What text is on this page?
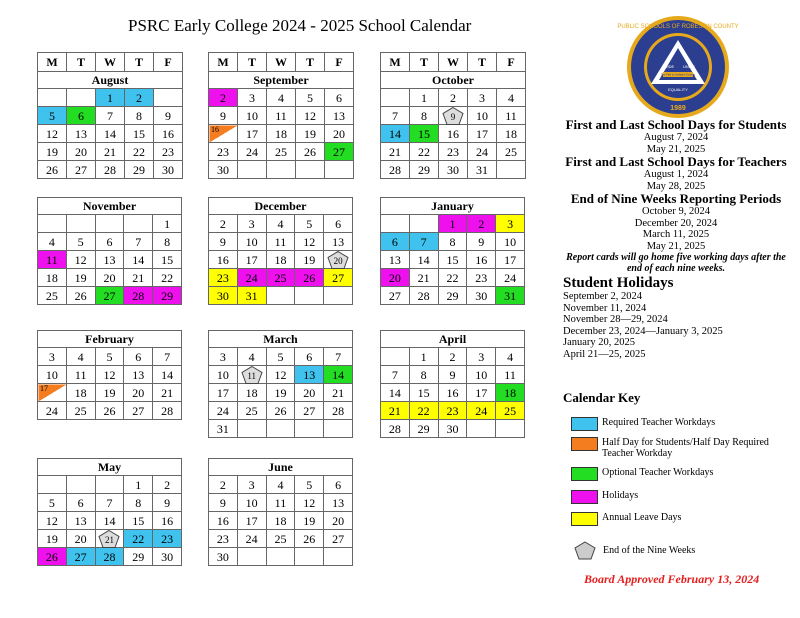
PSRC Early College 2024 - 2025 School Calendar
M	T	W	T	F
August				
		1	2	
5	6	7	8	9
12	13	14	15	16
19	20	21	22	23
26	27	28	29	30
M	T	W	T	F
September				
2	3	4	5	6
9	10	11	12	13

16	17	18	19	20
23	24	25	26	27
30				
M	T	W	T	F
October				
	1	2	3	4
7	8	9	10	11
14	15	16	17	18
21	22	23	24	25
28	29	30	31	
November				
				1
4	5	6	7	8
11	12	13	14	15
18	19	20	21	22
25	26	27	28	29
December				
2	3	4	5	6
9	10	11	12	13
16	17	18	19	20
23	24	25	26	27
30	31			
January				
		1	2	3
6	7	8	9	10
13	14	15	16	17
20	21	22	23	24
27	28	29	30	31
February				
3	4	5	6	7
10	11	12	13	14

17	18	19	20	21
24	25	26	27	28
March				
3	4	5	6	7
10	11	12	13	14
17	18	19	20	21
24	25	26	27	28
31				
April				
	1	2	3	4
7	8	9	10	11
14	15	16	17	18
21	22	23	24	25
28	29	30		
May				
			1	2
5	6	7	8	9
12	13	14	15	16
19	20	21	22	23
26	27	28	29	30
June				
2	3	4	5	6
9	10	11	12	13
16	17	18	19	20
23	24	25	26	27
30				
PUBLIC SCHOOLS OF ROBESON COUNTY
PRIDE UNITY
EQUALITY
The Path to Intelligent Schools
1989
First and Last School Days for Students

August 7, 2024

May 21, 2025

First and Last School Days for Teachers

August 1, 2024

May 28, 2025

End of Nine Weeks Reporting Periods

October 9, 2024

December 20, 2024

March 11, 2025

May 21, 2025

Report cards will go home five working days after the end of each nine weeks.

Student Holidays

September 2, 2024

November 11, 2024

November 28—29, 2024

December 23, 2024—January 3, 2025

January 20, 2025

April 21—25, 2025

Calendar Key
Required Teacher Workdays
Half Day for Students/Half Day Required Teacher Workday
Optional Teacher Workdays
Holidays
Annual Leave Days
End of the Nine Weeks
Board Approved February 13, 2024
